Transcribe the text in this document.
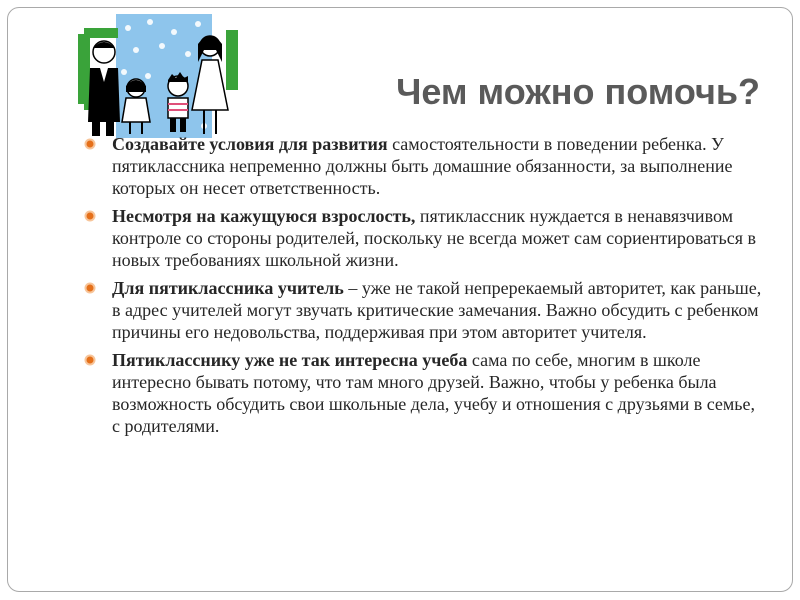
Чем можно помочь?
Создавайте условия для развития самостоятельности в поведении ребенка. У пятиклассника непременно должны быть домашние обязанности, за выполнение которых он несет ответственность.
Несмотря на кажущуюся взрослость, пятиклассник нуждается в ненавязчивом контроле со стороны родителей, поскольку не всегда может сам сориентироваться в новых требованиях школьной жизни.
Для пятиклассника учитель – уже не такой непререкаемый авторитет, как раньше, в адрес учителей могут звучать критические замечания. Важно обсудить с ребенком причины его недовольства, поддерживая при этом авторитет учителя.
Пятикласснику уже не так интересна учеба сама по себе, многим в школе интересно бывать потому, что там много друзей. Важно, чтобы у ребенка была возможность обсудить свои школьные дела, учебу и отношения с друзьями в семье, с родителями.
